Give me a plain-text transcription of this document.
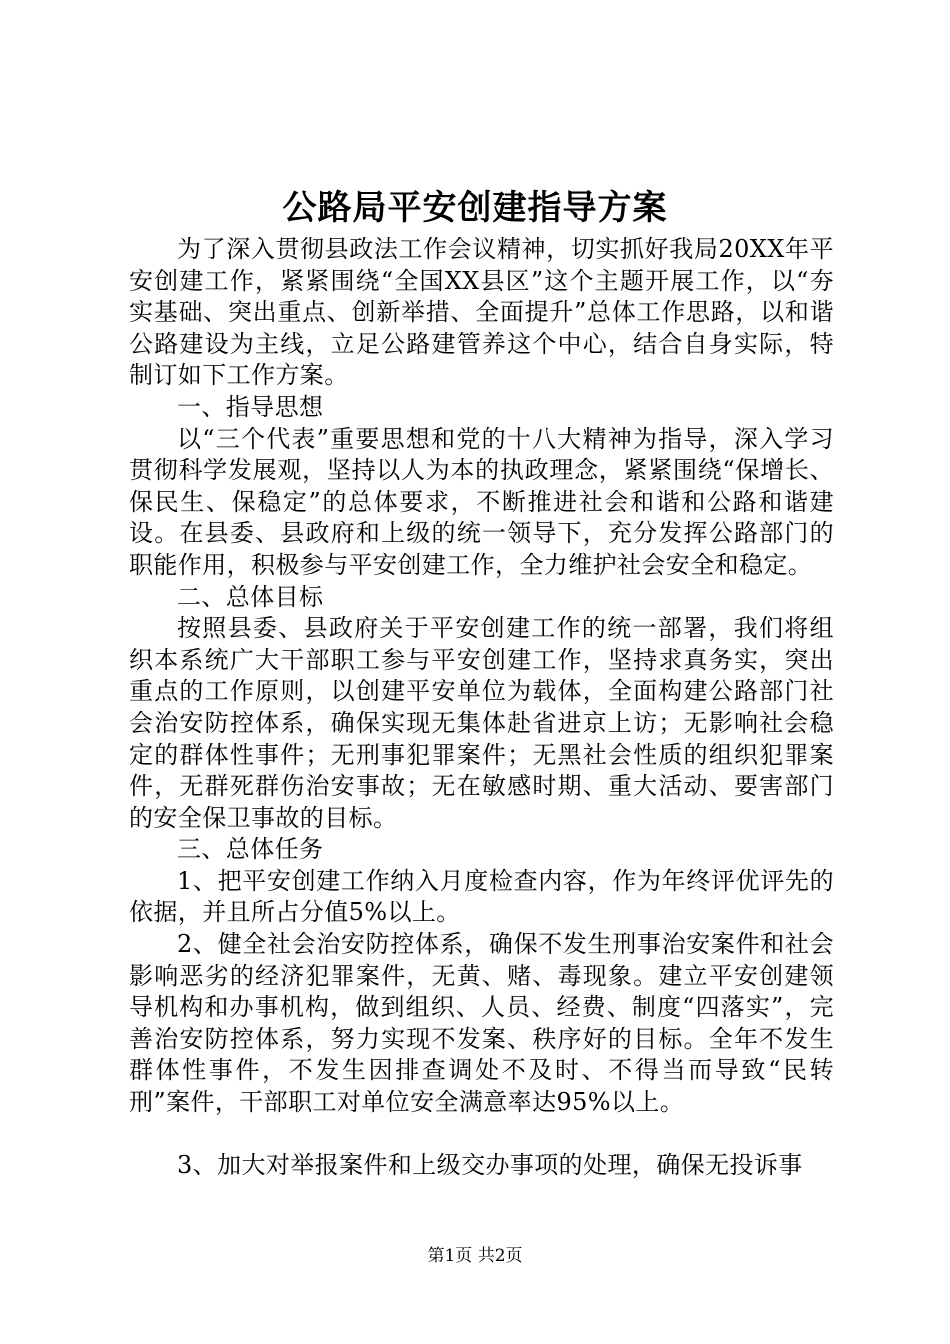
公路局平安创建指导方案

为了深入贯彻县政法工作会议精神，切实抓好我局20XX年平安创建工作，紧紧围绕“全国XX县区”这个主题开展工作，以“夯实基础、突出重点、创新举措、全面提升”总体工作思路，以和谐公路建设为主线，立足公路建管养这个中心，结合自身实际，特制订如下工作方案。

一、指导思想

以“三个代表”重要思想和党的十八大精神为指导，深入学习贯彻科学发展观，坚持以人为本的执政理念，紧紧围绕“保增长、保民生、保稳定”的总体要求，不断推进社会和谐和公路和谐建设。在县委、县政府和上级的统一领导下，充分发挥公路部门的职能作用，积极参与平安创建工作，全力维护社会安全和稳定。

二、总体目标

按照县委、县政府关于平安创建工作的统一部署，我们将组织本系统广大干部职工参与平安创建工作，坚持求真务实，突出重点的工作原则，以创建平安单位为载体，全面构建公路部门社会治安防控体系，确保实现无集体赴省进京上访；无影响社会稳定的群体性事件；无刑事犯罪案件；无黑社会性质的组织犯罪案件，无群死群伤治安事故；无在敏感时期、重大活动、要害部门的安全保卫事故的目标。

三、总体任务

1、把平安创建工作纳入月度检查内容，作为年终评优评先的依据，并且所占分值5%以上。

2、健全社会治安防控体系，确保不发生刑事治安案件和社会影响恶劣的经济犯罪案件，无黄、赌、毒现象。建立平安创建领导机构和办事机构，做到组织、人员、经费、制度“四落实”，完善治安防控体系，努力实现不发案、秩序好的目标。全年不发生群体性事件，不发生因排查调处不及时、不得当而导致“民转刑”案件，干部职工对单位安全满意率达95%以上。

3、加大对举报案件和上级交办事项的处理，确保无投诉事

第1页 共2页
